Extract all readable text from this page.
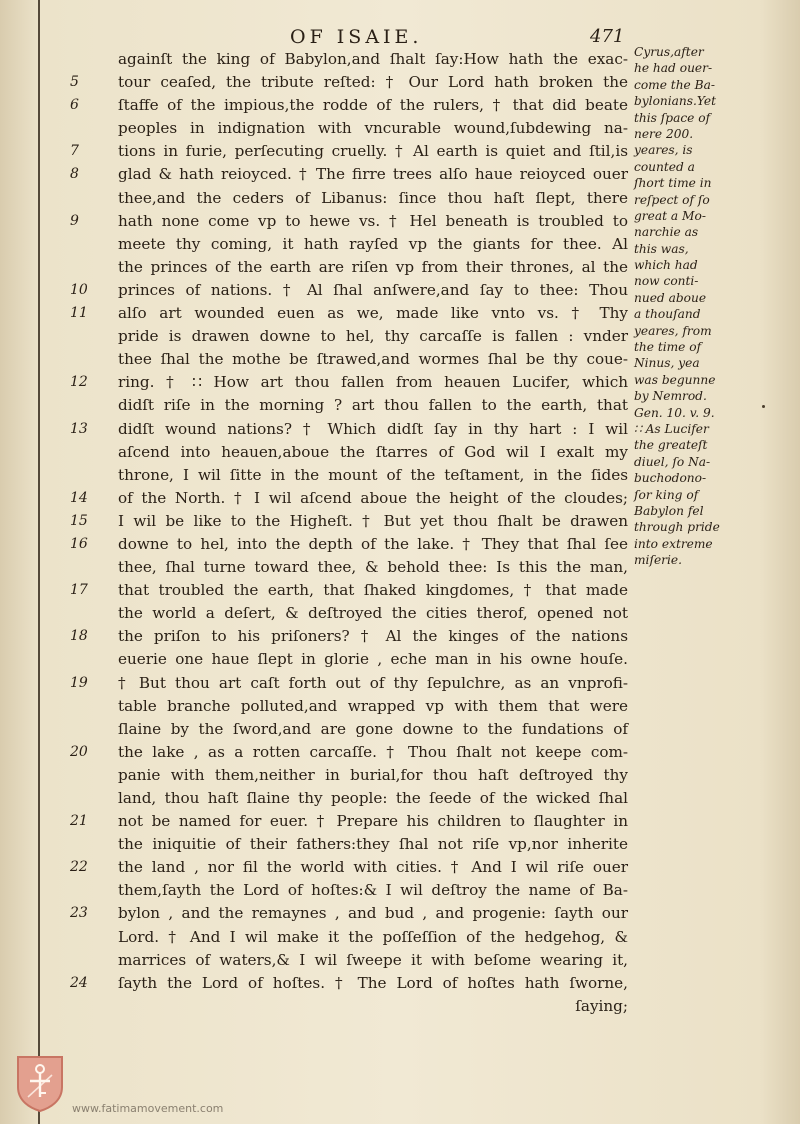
OF ISAIE.	471
againſt the king of Babylon,and ſhalt ſay:How hath the exac-
5	tour ceaſed, the tribute reſted: † Our Lord hath broken the
6	ſtaffe of the impious,the rodde of the rulers, † that did beate
peoples in indignation with vncurable wound,ſubdewing na-
7	tions in furie, perſecuting cruelly. † Al earth is quiet and ſtil,is
8	glad & hath reioyced. † The firre trees alſo haue reioyced ouer
thee,and the ceders of Libanus: ſince thou haſt ſlept, there
9	hath none come vp to hewe vs. † Hel beneath is troubled to
meete thy coming, it hath rayſed vp the giants for thee. Al
the princes of the earth are riſen vp from their thrones, al the
10	princes of nations. † Al ſhal anſwere,and ſay to thee: Thou
11	alſo art wounded euen as we, made like vnto vs. † Thy
pride is drawen downe to hel, thy carcaſſe is fallen : vnder
thee ſhal the mothe be ſtrawed,and wormes ſhal be thy coue-
12	ring. † ∷ How art thou fallen from heauen Lucifer, which
didſt riſe in the morning ? art thou fallen to the earth, that
13	didſt wound nations? † Which didſt ſay in thy hart : I wil
aſcend into heauen,aboue the ſtarres of God wil I exalt my
throne, I wil ſitte in the mount of the teſtament, in the ſides
14	of the North. † I wil aſcend aboue the height of the cloudes;
15	I wil be like to the Higheſt. † But yet thou ſhalt be drawen
16	downe to hel, into the depth of the lake. † They that ſhal ſee
thee, ſhal turne toward thee, & behold thee: Is this the man,
17	that troubled the earth, that ſhaked kingdomes, † that made
the world a deſert, & deſtroyed the cities therof, opened not
18	the priſon to his priſoners? † Al the kinges of the nations
euerie one haue ſlept in glorie , eche man in his owne houſe.
19	† But thou art caſt forth out of thy ſepulchre, as an vnprofi-
table branche polluted,and wrapped vp with them that were
ſlaine by the ſword,and are gone downe to the fundations of
20	the lake , as a rotten carcaſſe. † Thou ſhalt not keepe com-
panie with them,neither in burial,for thou haſt deſtroyed thy
land, thou haſt ſlaine thy people: the ſeede of the wicked ſhal
21	not be named for euer. † Prepare his children to ſlaughter in
the iniquitie of their fathers:they ſhal not riſe vp,nor inherite
22	the land , nor fil the world with cities. † And I wil riſe ouer
them,ſayth the Lord of hoſtes:& I wil deſtroy the name of Ba-
23	bylon , and the remaynes , and bud , and progenie: ſayth our
Lord. † And I wil make it the poſſeſſion of the hedgehog, &
marrices of waters,& I wil ſweepe it with beſome wearing it,
24	ſayth the Lord of hoſtes. † The Lord of hoſtes hath ſworne,
ſaying;
Cyrus,after
he had ouer-
come the Ba-
bylonians.Yet
this ſpace of
nere 200.
yeares, is
counted a
ſhort time in
reſpect of ſo
great a Mo-
narchie as
this was,
which had
now conti-
nued aboue
a thouſand
yeares, from
the time of
Ninus, yea
was begunne
by Nemrod.
Gen. 10. v. 9.
∷ As Lucifer
the greateſt
diuel, ſo Na-
buchodono-
ſor king of
Babylon fel
through pride
into extreme
miſerie.
www.fatimamovement.com
